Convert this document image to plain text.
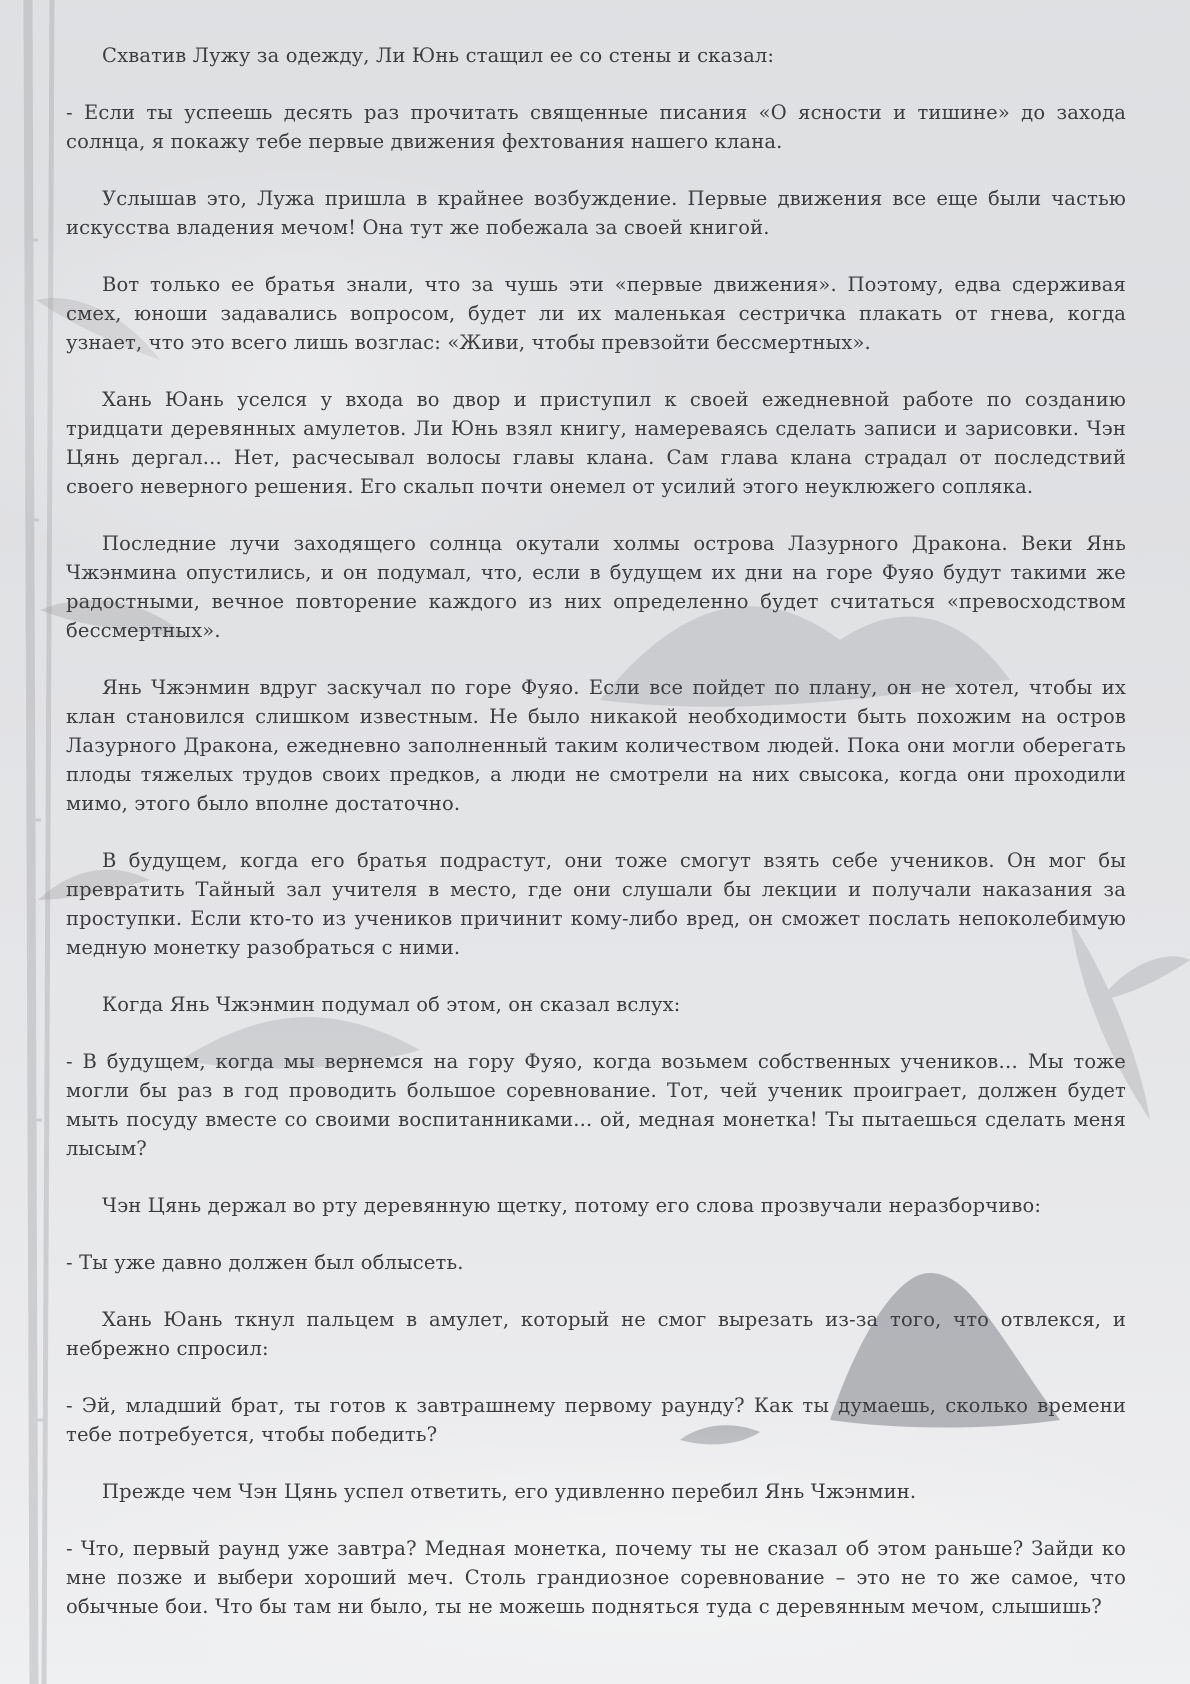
Схватив Лужу за одежду, Ли Юнь стащил ее со стены и сказал:

- Если ты успеешь десять раз прочитать священные писания «О ясности и тишине» до захода солнца, я покажу тебе первые движения фехтования нашего клана.

Услышав это, Лужа пришла в крайнее возбуждение. Первые движения все еще были частью искусства владения мечом! Она тут же побежала за своей книгой.

Вот только ее братья знали, что за чушь эти «первые движения». Поэтому, едва сдерживая смех, юноши задавались вопросом, будет ли их маленькая сестричка плакать от гнева, когда узнает, что это всего лишь возглас: «Живи, чтобы превзойти бессмертных».

Хань Юань уселся у входа во двор и приступил к своей ежедневной работе по созданию тридцати деревянных амулетов. Ли Юнь взял книгу, намереваясь сделать записи и зарисовки. Чэн Цянь дергал... Нет, расчесывал волосы главы клана. Сам глава клана страдал от последствий своего неверного решения. Его скальп почти онемел от усилий этого неуклюжего сопляка.

Последние лучи заходящего солнца окутали холмы острова Лазурного Дракона. Веки Янь Чжэнмина опустились, и он подумал, что, если в будущем их дни на горе Фуяо будут такими же радостными, вечное повторение каждого из них определенно будет считаться «превосходством бессмертных».

Янь Чжэнмин вдруг заскучал по горе Фуяо. Если все пойдет по плану, он не хотел, чтобы их клан становился слишком известным. Не было никакой необходимости быть похожим на остров Лазурного Дракона, ежедневно заполненный таким количеством людей. Пока они могли оберегать плоды тяжелых трудов своих предков, а люди не смотрели на них свысока, когда они проходили мимо, этого было вполне достаточно.

В будущем, когда его братья подрастут, они тоже смогут взять себе учеников. Он мог бы превратить Тайный зал учителя в место, где они слушали бы лекции и получали наказания за проступки. Если кто-то из учеников причинит кому-либо вред, он сможет послать непоколебимую медную монетку разобраться с ними.

Когда Янь Чжэнмин подумал об этом, он сказал вслух:

- В будущем, когда мы вернемся на гору Фуяо, когда возьмем собственных учеников… Мы тоже могли бы раз в год проводить большое соревнование. Тот, чей ученик проиграет, должен будет мыть посуду вместе со своими воспитанниками... ой, медная монетка! Ты пытаешься сделать меня лысым?

Чэн Цянь держал во рту деревянную щетку, потому его слова прозвучали неразборчиво:

- Ты уже давно должен был облысеть.

Хань Юань ткнул пальцем в амулет, который не смог вырезать из-за того, что отвлекся, и небрежно спросил:

- Эй, младший брат, ты готов к завтрашнему первому раунду? Как ты думаешь, сколько времени тебе потребуется, чтобы победить?

Прежде чем Чэн Цянь успел ответить, его удивленно перебил Янь Чжэнмин.

- Что, первый раунд уже завтра? Медная монетка, почему ты не сказал об этом раньше? Зайди ко мне позже и выбери хороший меч. Столь грандиозное соревнование – это не то же самое, что обычные бои. Что бы там ни было, ты не можешь подняться туда с деревянным мечом, слышишь?
